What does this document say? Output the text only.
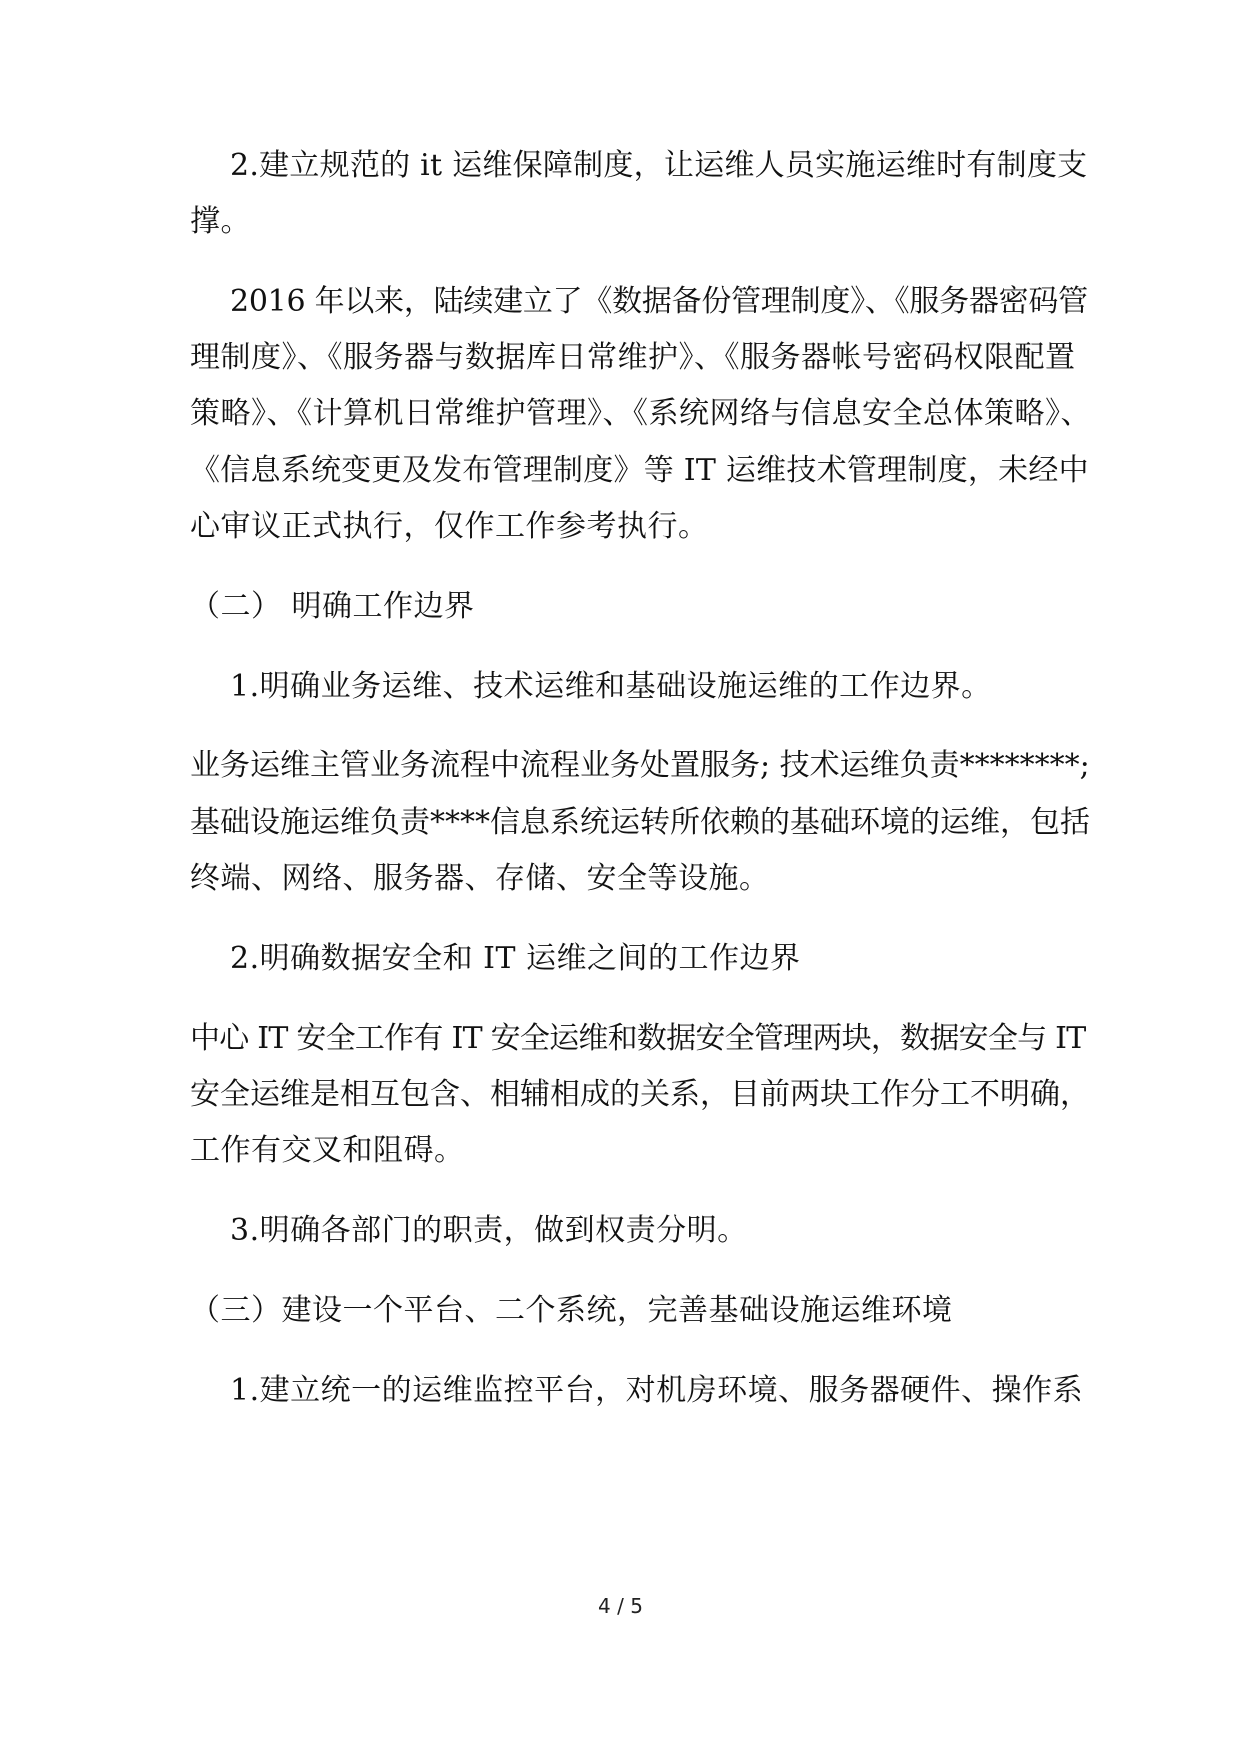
2.建立规范的 it 运维保障制度，让运维人员实施运维时有制度支
撑。
2016 年以来，陆续建立了《数据备份管理制度》、《服务器密码管
理制度》、《服务器与数据库日常维护》、《服务器帐号密码权限配置
策略》、《计算机日常维护管理》、《系统网络与信息安全总体策略》、
《信息系统变更及发布管理制度》等 IT 运维技术管理制度，未经中
心审议正式执行，仅作工作参考执行。
（二） 明确工作边界
1.明确业务运维、技术运维和基础设施运维的工作边界。
业务运维主管业务流程中流程业务处置服务; 技术运维负责********;
基础设施运维负责****信息系统运转所依赖的基础环境的运维，包括
终端、网络、服务器、存储、安全等设施。
2.明确数据安全和 IT 运维之间的工作边界
中心 IT 安全工作有 IT 安全运维和数据安全管理两块，数据安全与 IT
安全运维是相互包含、相辅相成的关系，目前两块工作分工不明确，
工作有交叉和阻碍。
3.明确各部门的职责，做到权责分明。
（三）建设一个平台、二个系统，完善基础设施运维环境
1.建立统一的运维监控平台，对机房环境、服务器硬件、操作系
4 / 5
